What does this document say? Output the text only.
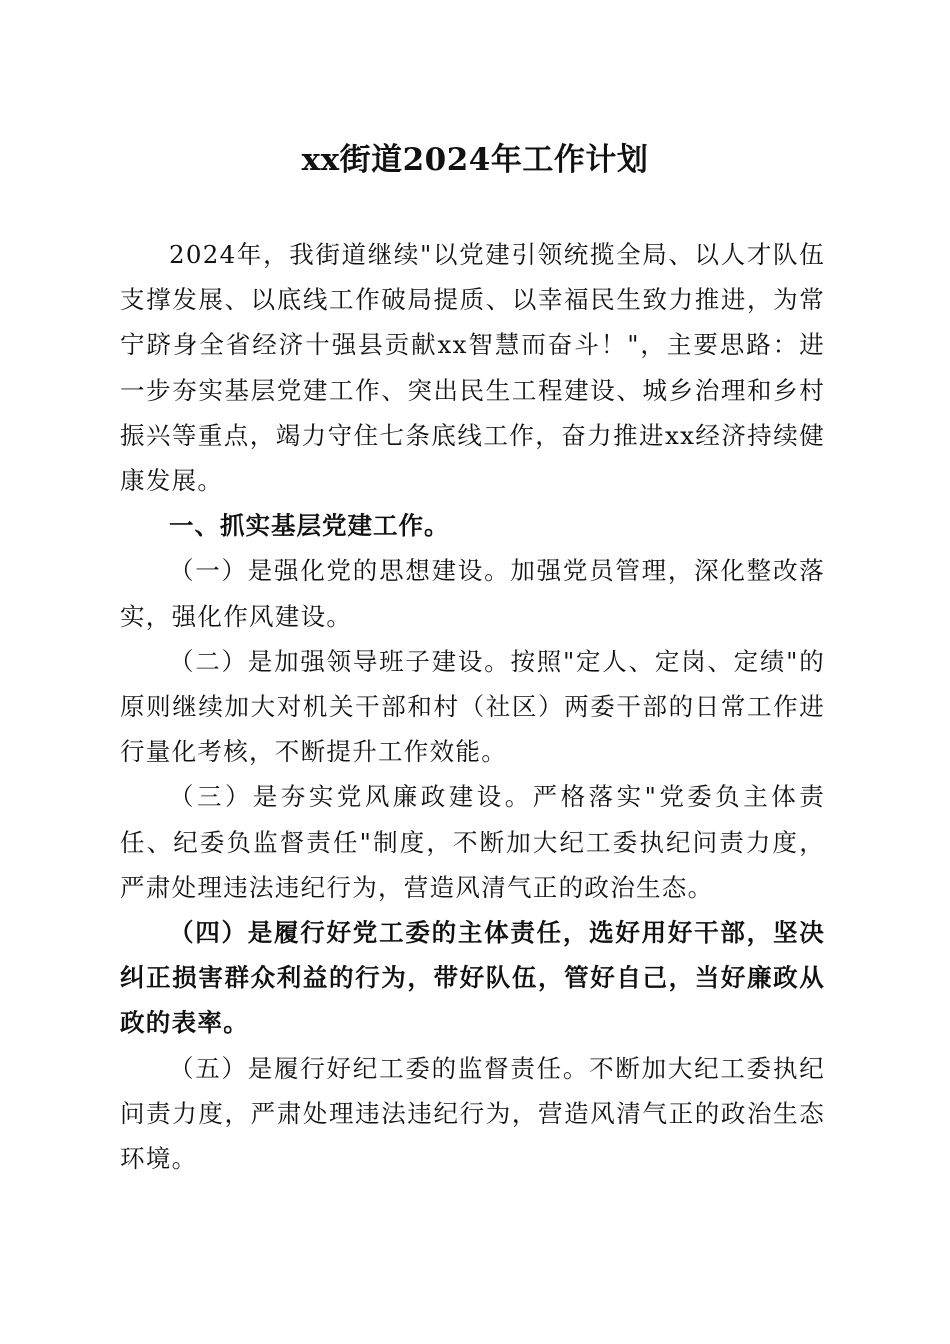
xx街道2024年工作计划

2024年，我街道继续"以党建引领统揽全局、以人才队伍支撑发展、以底线工作破局提质、以幸福民生致力推进，为常宁跻身全省经济十强县贡献xx智慧而奋斗！"，主要思路：进一步夯实基层党建工作、突出民生工程建设、城乡治理和乡村振兴等重点，竭力守住七条底线工作，奋力推进xx经济持续健康发展。

一、抓实基层党建工作。

（一）是强化党的思想建设。加强党员管理，深化整改落实，强化作风建设。

（二）是加强领导班子建设。按照"定人、定岗、定绩"的原则继续加大对机关干部和村（社区）两委干部的日常工作进行量化考核，不断提升工作效能。

（三）是夯实党风廉政建设。严格落实"党委负主体责任、纪委负监督责任"制度，不断加大纪工委执纪问责力度，严肃处理违法违纪行为，营造风清气正的政治生态。

（四）是履行好党工委的主体责任，选好用好干部，坚决纠正损害群众利益的行为，带好队伍，管好自己，当好廉政从政的表率。

（五）是履行好纪工委的监督责任。不断加大纪工委执纪问责力度，严肃处理违法违纪行为，营造风清气正的政治生态环境。
